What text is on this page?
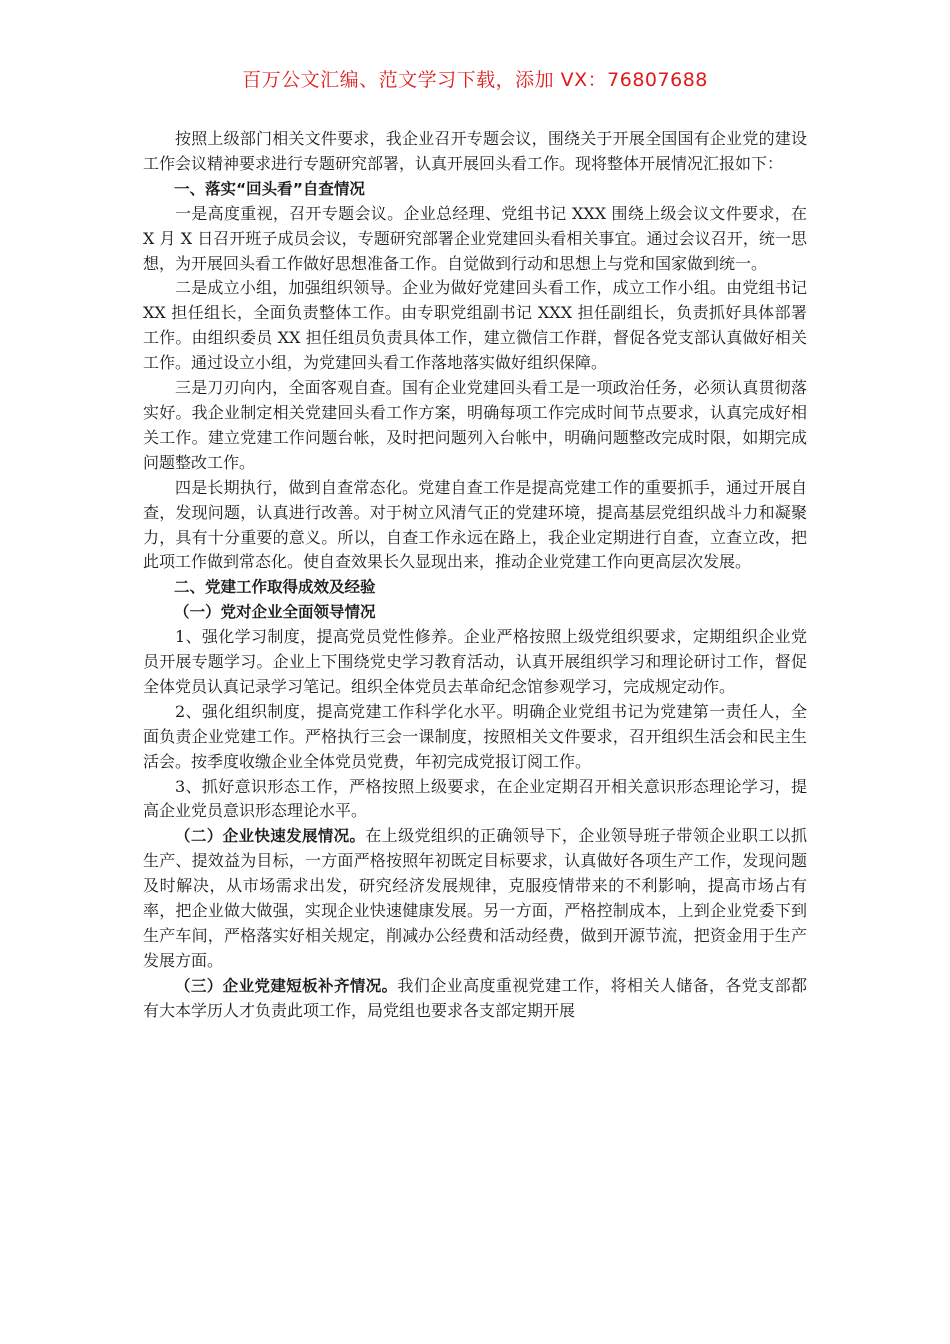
百万公文汇编、范文学习下载，添加 VX：76807688

按照上级部门相关文件要求，我企业召开专题会议，围绕关于开展全国国有企业党的建设工作会议精神要求进行专题研究部署，认真开展回头看工作。现将整体开展情况汇报如下：

一、落实“回头看”自查情况

一是高度重视，召开专题会议。企业总经理、党组书记 XXX 围绕上级会议文件要求，在 X 月 X 日召开班子成员会议，专题研究部署企业党建回头看相关事宜。通过会议召开，统一思想，为开展回头看工作做好思想准备工作。自觉做到行动和思想上与党和国家做到统一。

二是成立小组，加强组织领导。企业为做好党建回头看工作，成立工作小组。由党组书记 XX 担任组长，全面负责整体工作。由专职党组副书记 XXX 担任副组长，负责抓好具体部署工作。由组织委员 XX 担任组员负责具体工作，建立微信工作群，督促各党支部认真做好相关工作。通过设立小组，为党建回头看工作落地落实做好组织保障。

三是刀刃向内，全面客观自查。国有企业党建回头看工是一项政治任务，必须认真贯彻落实好。我企业制定相关党建回头看工作方案，明确每项工作完成时间节点要求，认真完成好相关工作。建立党建工作问题台帐，及时把问题列入台帐中，明确问题整改完成时限，如期完成问题整改工作。

四是长期执行，做到自查常态化。党建自查工作是提高党建工作的重要抓手，通过开展自查，发现问题，认真进行改善。对于树立风清气正的党建环境，提高基层党组织战斗力和凝聚力，具有十分重要的意义。所以，自查工作永远在路上，我企业定期进行自查，立查立改，把此项工作做到常态化。使自查效果长久显现出来，推动企业党建工作向更高层次发展。

二、党建工作取得成效及经验

（一）党对企业全面领导情况

1、强化学习制度，提高党员党性修养。企业严格按照上级党组织要求，定期组织企业党员开展专题学习。企业上下围绕党史学习教育活动，认真开展组织学习和理论研讨工作，督促全体党员认真记录学习笔记。组织全体党员去革命纪念馆参观学习，完成规定动作。

2、强化组织制度，提高党建工作科学化水平。明确企业党组书记为党建第一责任人，全面负责企业党建工作。严格执行三会一课制度，按照相关文件要求，召开组织生活会和民主生活会。按季度收缴企业全体党员党费，年初完成党报订阅工作。

3、抓好意识形态工作，严格按照上级要求，在企业定期召开相关意识形态理论学习，提高企业党员意识形态理论水平。

（二）企业快速发展情况。在上级党组织的正确领导下，企业领导班子带领企业职工以抓生产、提效益为目标，一方面严格按照年初既定目标要求，认真做好各项生产工作，发现问题及时解决，从市场需求出发，研究经济发展规律，克服疫情带来的不利影响，提高市场占有率，把企业做大做强，实现企业快速健康发展。另一方面，严格控制成本，上到企业党委下到生产车间，严格落实好相关规定，削减办公经费和活动经费，做到开源节流，把资金用于生产发展方面。

（三）企业党建短板补齐情况。我们企业高度重视党建工作，将相关人储备，各党支部都有大本学历人才负责此项工作，局党组也要求各支部定期开展
